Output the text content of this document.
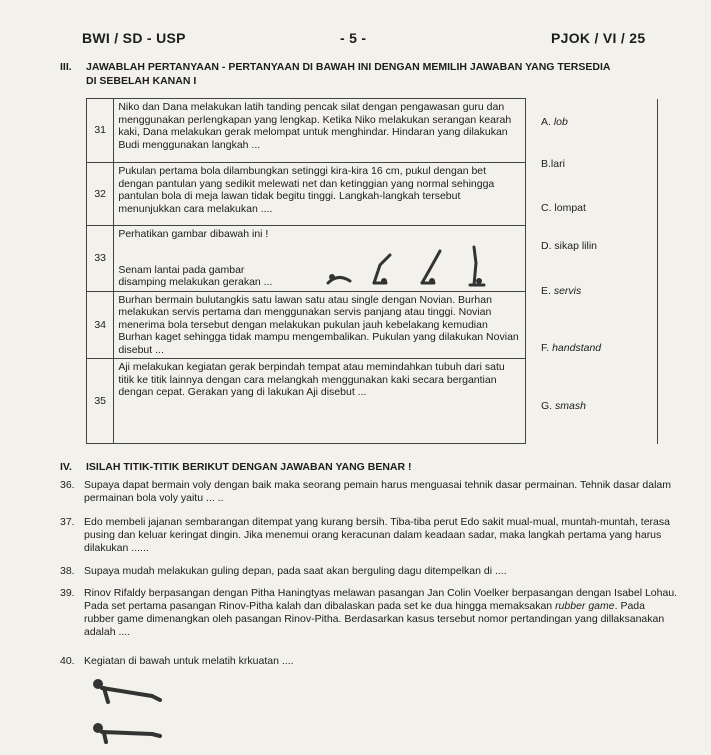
BWI / SD - USP	- 5 -	PJOK / VI / 25
III. JAWABLAH PERTANYAAN - PERTANYAAN DI BAWAH INI DENGAN MEMILIH JAWABAN YANG TERSEDIA
DI SEBELAH KANAN I
31	Niko dan Dana melakukan latih tanding pencak silat dengan pengawasan guru dan menggunakan perlengkapan yang lengkap. Ketika Niko melakukan serangan kearah kaki, Dana melakukan gerak melompat untuk menghindar. Hindaran yang dilakukan Budi menggunakan langkah ...	
32	Pukulan pertama bola dilambungkan setinggi kira-kira 16 cm, pukul dengan bet dengan pantulan yang sedikit melewati net dan ketinggian yang normal sehingga pantulan bola di meja lawan tidak begitu tinggi. Langkah-langkah tersebut menunjukkan cara melakukan ....	
33	Perhatikan gambar dibawah ini !
Senam lantai pada gambar
disamping melakukan gerakan ...	

34	Burhan bermain bulutangkis satu lawan satu atau single dengan Novian. Burhan melakukan servis pertama dan menggunakan servis panjang atau tinggi. Novian menerima bola tersebut dengan melakukan pukulan jauh kebelakang kemudian Burhan kaget sehingga tidak mampu mengembalikan. Pukulan yang dilakukan Novian disebut ...	
35	Aji melakukan kegiatan gerak berpindah tempat atau memindahkan tubuh dari satu titik ke titik lainnya dengan cara melangkah menggunakan kaki secara bergantian dengan cepat. Gerakan yang di lakukan Aji disebut ...	
A. lob
B.lari
C. lompat
D. sikap lilin
E. servis
F. handstand
G. smash
IV. ISILAH TITIK-TITIK BERIKUT DENGAN JAWABAN YANG BENAR !
36. Supaya dapat bermain voly dengan baik maka seorang pemain harus menguasai tehnik dasar permainan. Tehnik dasar dalam permainan bola voly yaitu ... ..
37. Edo membeli jajanan sembarangan ditempat yang kurang bersih. Tiba-tiba perut Edo sakit mual-mual, muntah-muntah, terasa pusing dan keluar keringat dingin. Jika menemui orang keracunan dalam keadaan sadar, maka langkah pertama yang harus dilakukan ......
38. Supaya mudah melakukan guling depan, pada saat akan berguling dagu ditempelkan di ....
39. Rinov Rifaldy berpasangan dengan Pitha Haningtyas melawan pasangan Jan Colin Voelker berpasangan dengan Isabel Lohau. Pada set pertama pasangan Rinov-Pitha kalah dan dibalaskan pada set ke dua hingga memaksakan rubber game. Pada rubber game dimenangkan oleh pasangan Rinov-Pitha. Berdasarkan kasus tersebut nomor pertandingan yang dillaksanakan adalah ....
40. Kegiatan di bawah untuk melatih krkuatan ....
